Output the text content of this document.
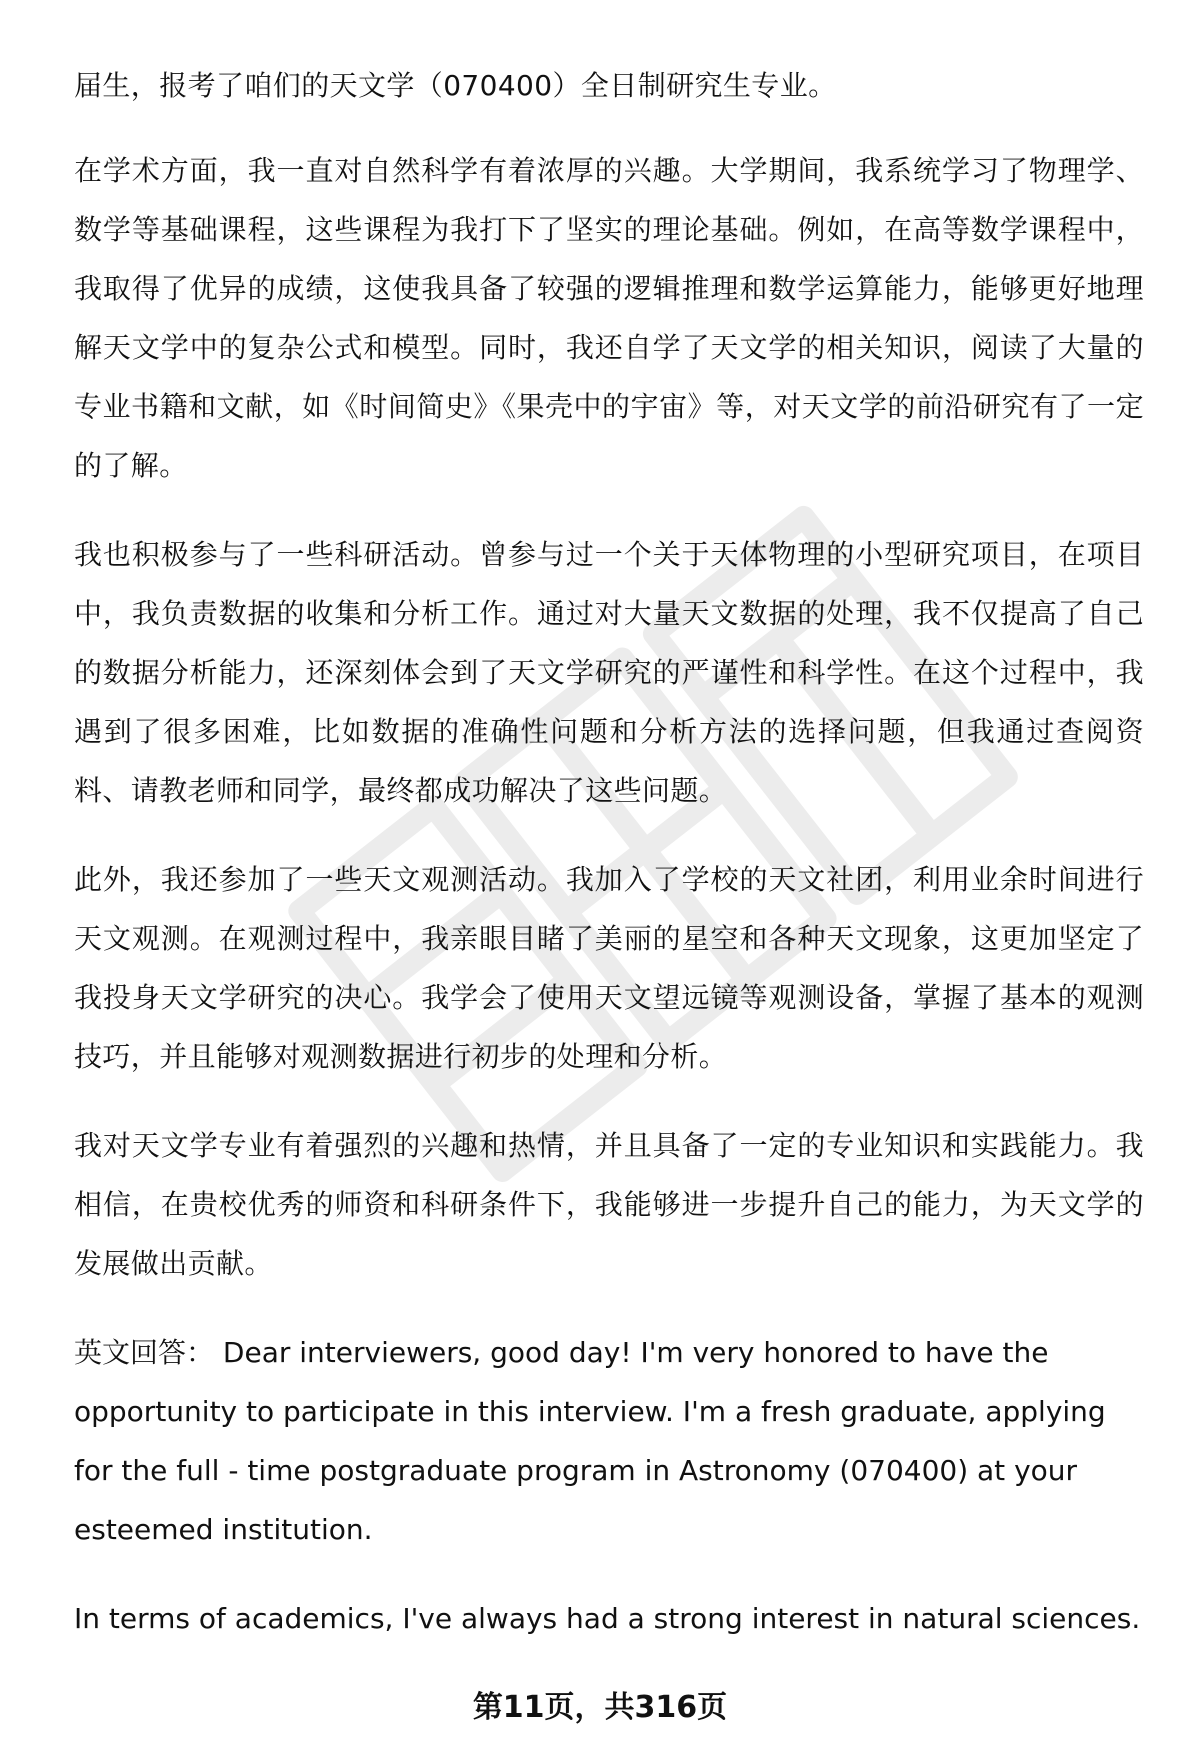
届生，报考了咱们的天文学（070400）全日制研究生专业。

在学术方面，我一直对自然科学有着浓厚的兴趣。大学期间，我系统学习了物理学、数学等基础课程，这些课程为我打下了坚实的理论基础。例如，在高等数学课程中，我取得了优异的成绩，这使我具备了较强的逻辑推理和数学运算能力，能够更好地理解天文学中的复杂公式和模型。同时，我还自学了天文学的相关知识，阅读了大量的专业书籍和文献，如《时间简史》《果壳中的宇宙》等，对天文学的前沿研究有了一定的了解。

我也积极参与了一些科研活动。曾参与过一个关于天体物理的小型研究项目，在项目中，我负责数据的收集和分析工作。通过对大量天文数据的处理，我不仅提高了自己的数据分析能力，还深刻体会到了天文学研究的严谨性和科学性。在这个过程中，我遇到了很多困难，比如数据的准确性问题和分析方法的选择问题，但我通过查阅资料、请教老师和同学，最终都成功解决了这些问题。

此外，我还参加了一些天文观测活动。我加入了学校的天文社团，利用业余时间进行天文观测。在观测过程中，我亲眼目睹了美丽的星空和各种天文现象，这更加坚定了我投身天文学研究的决心。我学会了使用天文望远镜等观测设备，掌握了基本的观测技巧，并且能够对观测数据进行初步的处理和分析。

我对天文学专业有着强烈的兴趣和热情，并且具备了一定的专业知识和实践能力。我相信，在贵校优秀的师资和科研条件下，我能够进一步提升自己的能力，为天文学的发展做出贡献。

英文回答： Dear interviewers, good day! I'm very honored to have the opportunity to participate in this interview. I'm a fresh graduate, applying for the full - time postgraduate program in Astronomy (070400) at your esteemed institution.

In terms of academics, I've always had a strong interest in natural sciences.

第11页，共316页
